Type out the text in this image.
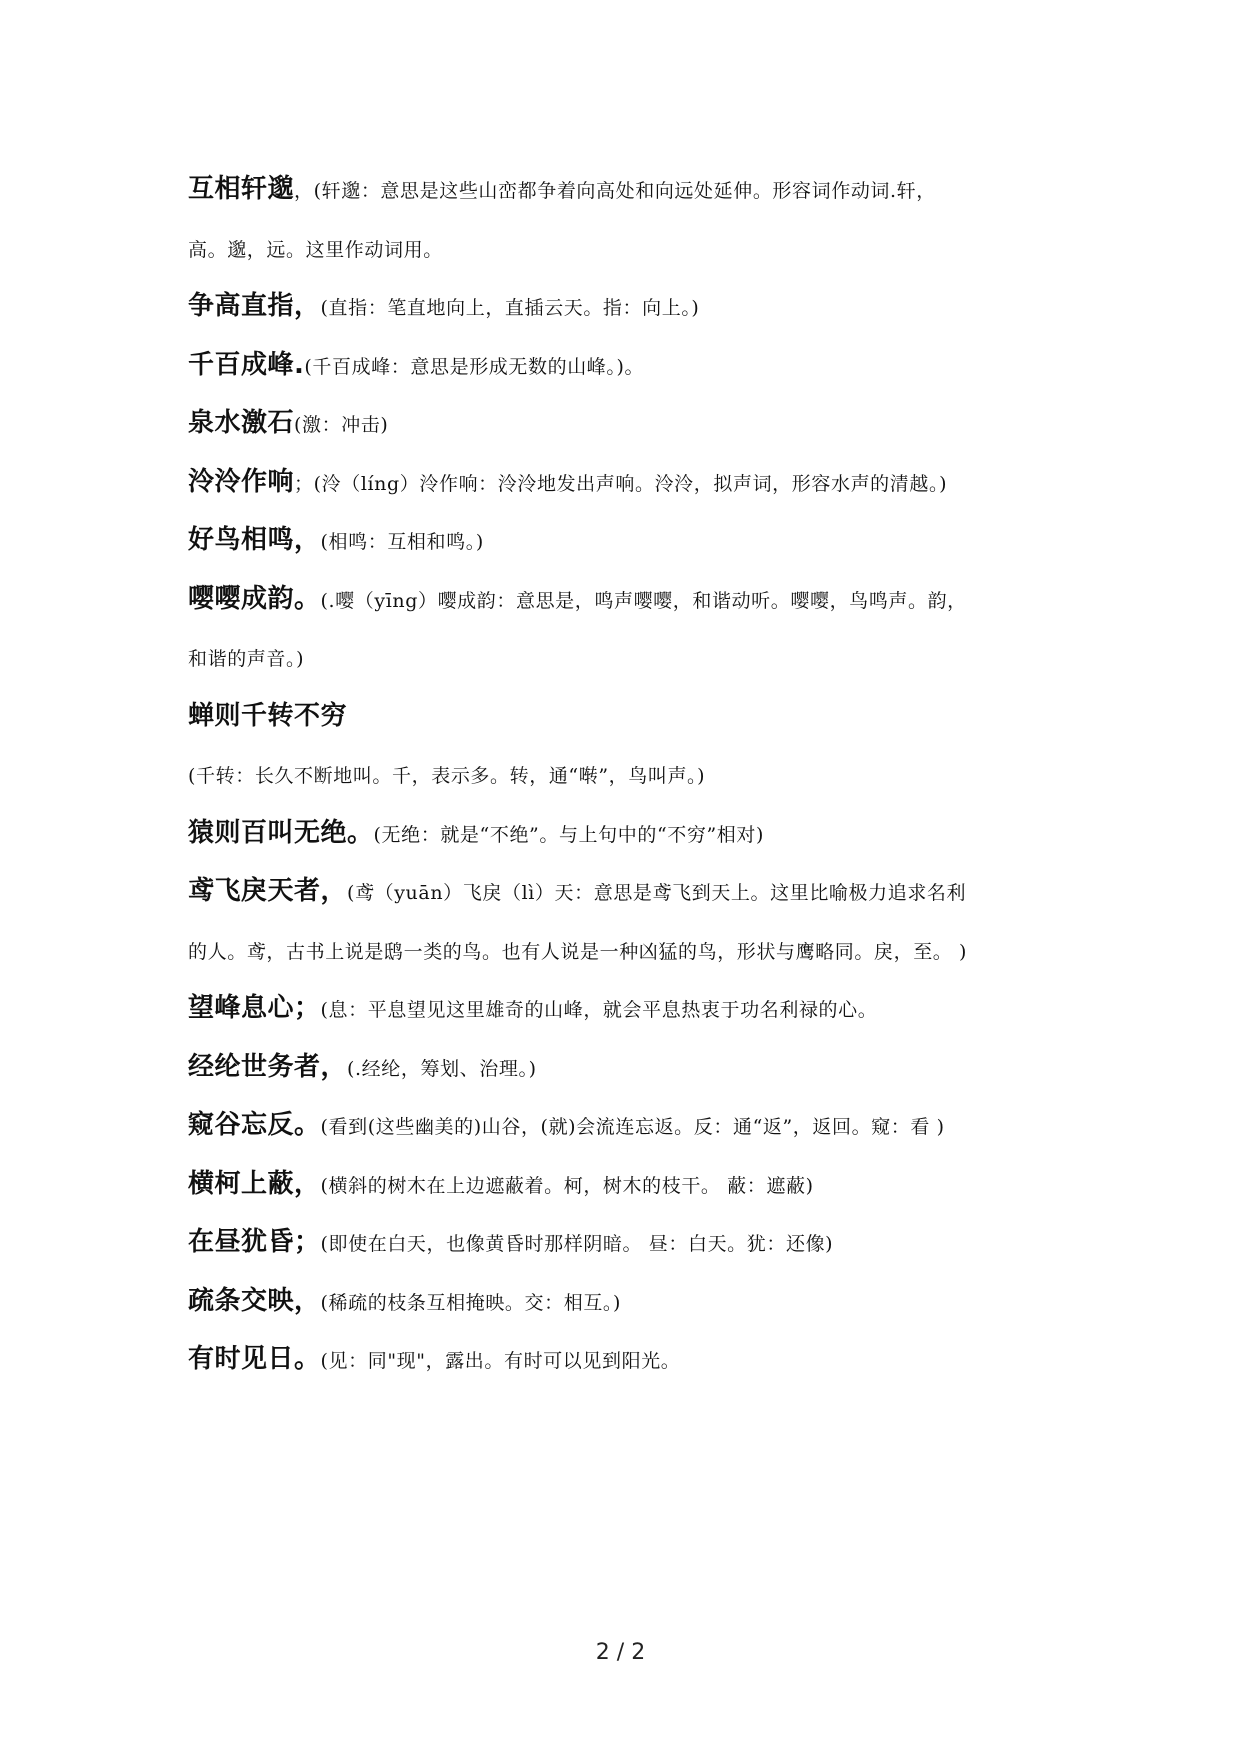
互相轩邈，(轩邈：意思是这些山峦都争着向高处和向远处延伸。形容词作动词.轩，
高。邈，远。这里作动词用。
争高直指，(直指：笔直地向上，直插云天。指：向上。)
千百成峰.(千百成峰：意思是形成无数的山峰。)。
泉水激石(激：冲击)
泠泠作响；(泠（líng）泠作响：泠泠地发出声响。泠泠，拟声词，形容水声的清越。)
好鸟相鸣，(相鸣：互相和鸣。)
嘤嘤成韵。(.嘤（yīng）嘤成韵：意思是，鸣声嘤嘤，和谐动听。嘤嘤，鸟鸣声。韵，
和谐的声音。)
蝉则千转不穷
(千转：长久不断地叫。千，表示多。转，通“啭”，鸟叫声。)
猿则百叫无绝。(无绝：就是“不绝”。与上句中的“不穷”相对)
鸢飞戾天者，(鸢（yuān）飞戾（lì）天：意思是鸢飞到天上。这里比喻极力追求名利
的人。鸢，古书上说是鸱一类的鸟。也有人说是一种凶猛的鸟，形状与鹰略同。戾，至。 )
望峰息心；(息：平息望见这里雄奇的山峰，就会平息热衷于功名利禄的心。
经纶世务者，(.经纶，筹划、治理。)
窥谷忘反。(看到(这些幽美的)山谷，(就)会流连忘返。反：通“返”，返回。窥：看 )
横柯上蔽，(横斜的树木在上边遮蔽着。柯，树木的枝干。 蔽：遮蔽)
在昼犹昏；(即使在白天，也像黄昏时那样阴暗。 昼：白天。犹：还像)
疏条交映，(稀疏的枝条互相掩映。交：相互。)
有时见日。(见：同"现"，露出。有时可以见到阳光。
2 / 2
